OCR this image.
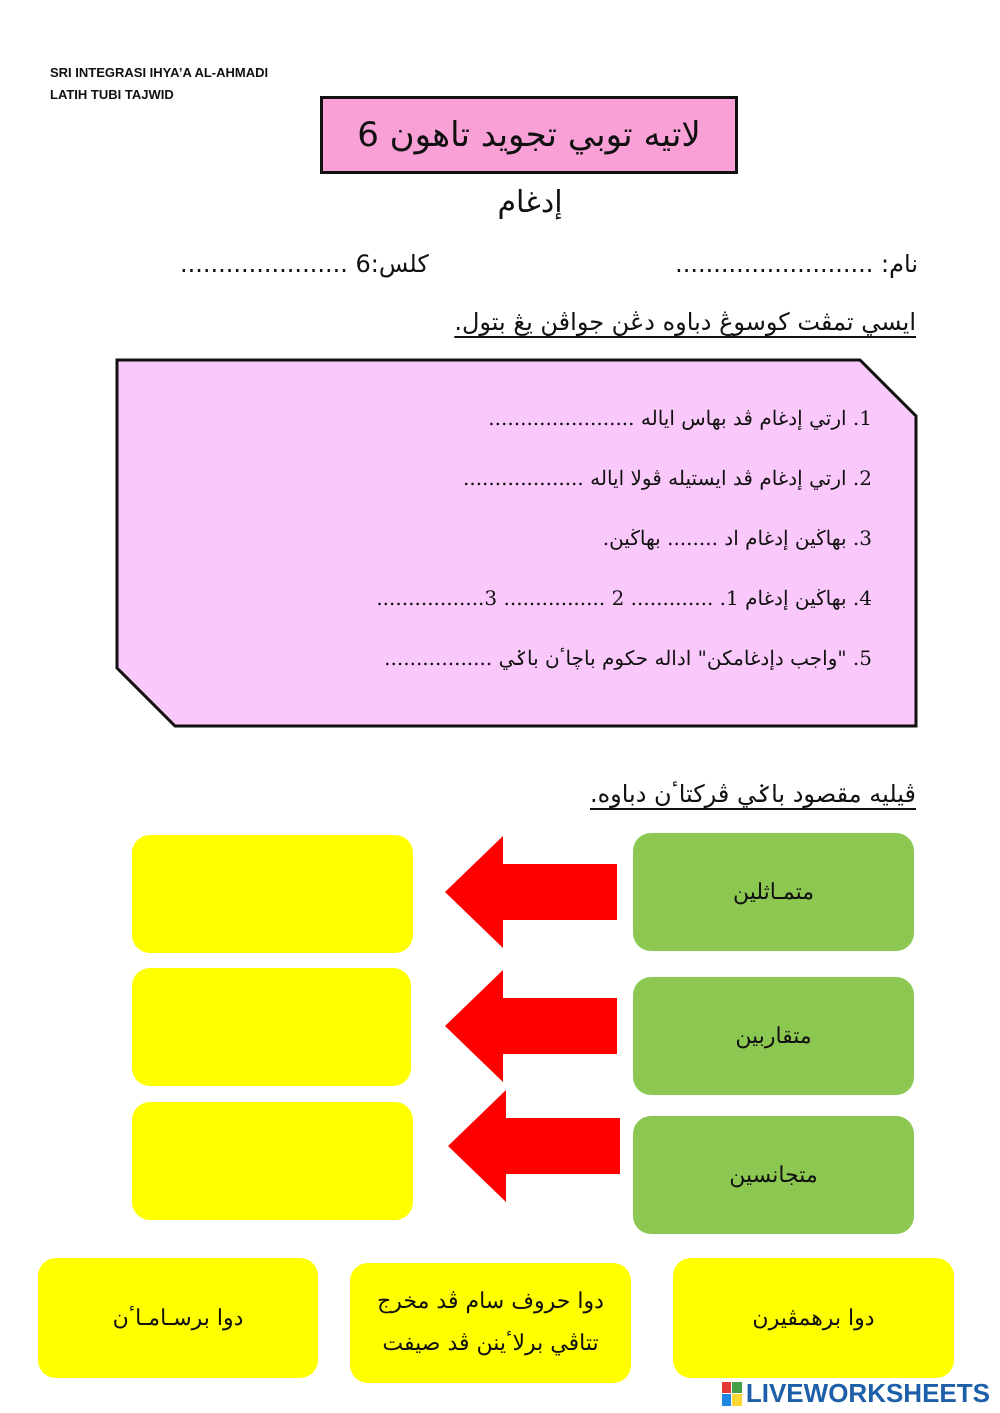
SRI INTEGRASI IHYA’A AL-AHMADI
LATIH TUBI TAJWID
لاتيه توبي تجويد تاهون 6
إدغام
نام: ..........................
كلس:6 ......................
ايسي تمڤت كوسوڠ دباوه دڠن جواڤن يڠ بتول.
1. ارتي إدغام ڤد بهاس اياله .......................
2. ارتي إدغام ڤد ايستيله ڤولا اياله ...................
3. بهاڬين إدغام اد ........ بهاڬين.
4. بهاڬين إدغام 1. ............. 2 ................ 3.................
5. "واجب دإدغامكن" اداله حكوم باچاٴن باݢي .................
ڤيليه مقصود باݢي ڤركتاٴن دباوه.
متمـاثلين
متقاربين
متجانسين
دوا برسـامـاٴن
دوا حروف سام ڤد مخرج تتاڤي برلاٴينن ڤد صيفت
دوا برهمڤيرن
LIVEWORKSHEETS
